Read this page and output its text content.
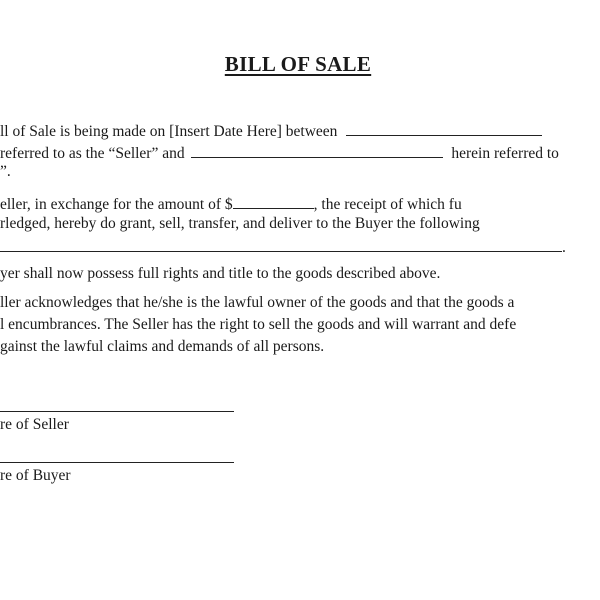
BILL OF SALE
ll of Sale is being made on [Insert Date Here] between
referred to as the “Seller” and	herein referred to
”.
eller, in exchange for the amount of $	, the receipt of which fu
rledged, hereby do grant, sell, transfer, and deliver to the Buyer the following
.
yer shall now possess full rights and title to the goods described above.
ller acknowledges that he/she is the lawful owner of the goods and that the goods a
l encumbrances. The Seller has the right to sell the goods and will warrant and defe
gainst the lawful claims and demands of all persons.
re of Seller
re of Buyer
